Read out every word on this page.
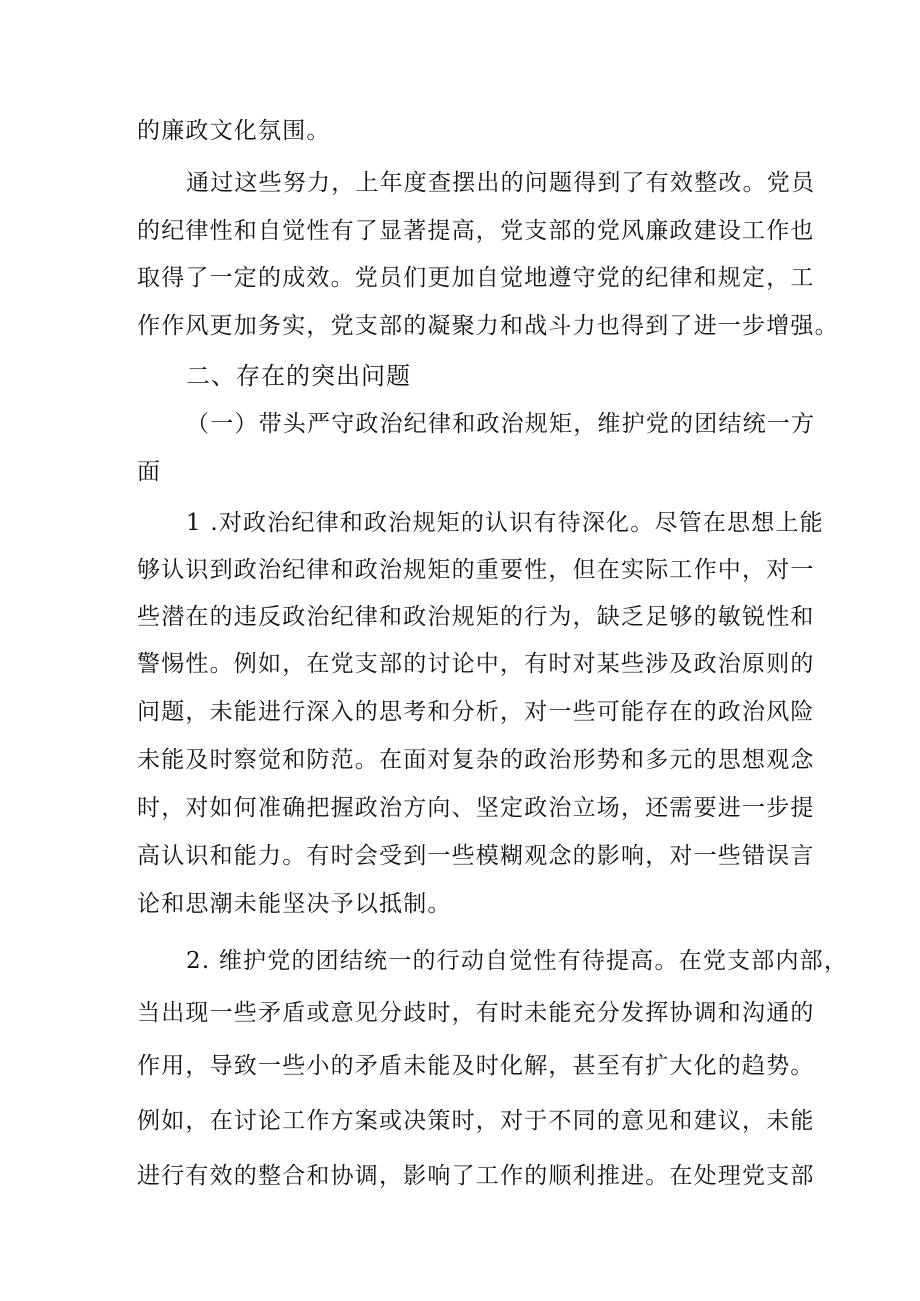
的廉政文化氛围。
通过这些努力，上年度查摆出的问题得到了有效整改。党员
的纪律性和自觉性有了显著提高，党支部的党风廉政建设工作也
取得了一定的成效。党员们更加自觉地遵守党的纪律和规定，工
作作风更加务实，党支部的凝聚力和战斗力也得到了进一步增强。
二、存在的突出问题
（一）带头严守政治纪律和政治规矩，维护党的团结统一方
面
1 .对政治纪律和政治规矩的认识有待深化。尽管在思想上能
够认识到政治纪律和政治规矩的重要性，但在实际工作中，对一
些潜在的违反政治纪律和政治规矩的行为，缺乏足够的敏锐性和
警惕性。例如，在党支部的讨论中，有时对某些涉及政治原则的
问题，未能进行深入的思考和分析，对一些可能存在的政治风险
未能及时察觉和防范。在面对复杂的政治形势和多元的思想观念
时，对如何准确把握政治方向、坚定政治立场，还需要进一步提
高认识和能力。有时会受到一些模糊观念的影响，对一些错误言
论和思潮未能坚决予以抵制。
2. 维护党的团结统一的行动自觉性有待提高。在党支部内部，
当出现一些矛盾或意见分歧时，有时未能充分发挥协调和沟通的
作用，导致一些小的矛盾未能及时化解，甚至有扩大化的趋势。
例如，在讨论工作方案或决策时，对于不同的意见和建议，未能
进行有效的整合和协调，影响了工作的顺利推进。在处理党支部
